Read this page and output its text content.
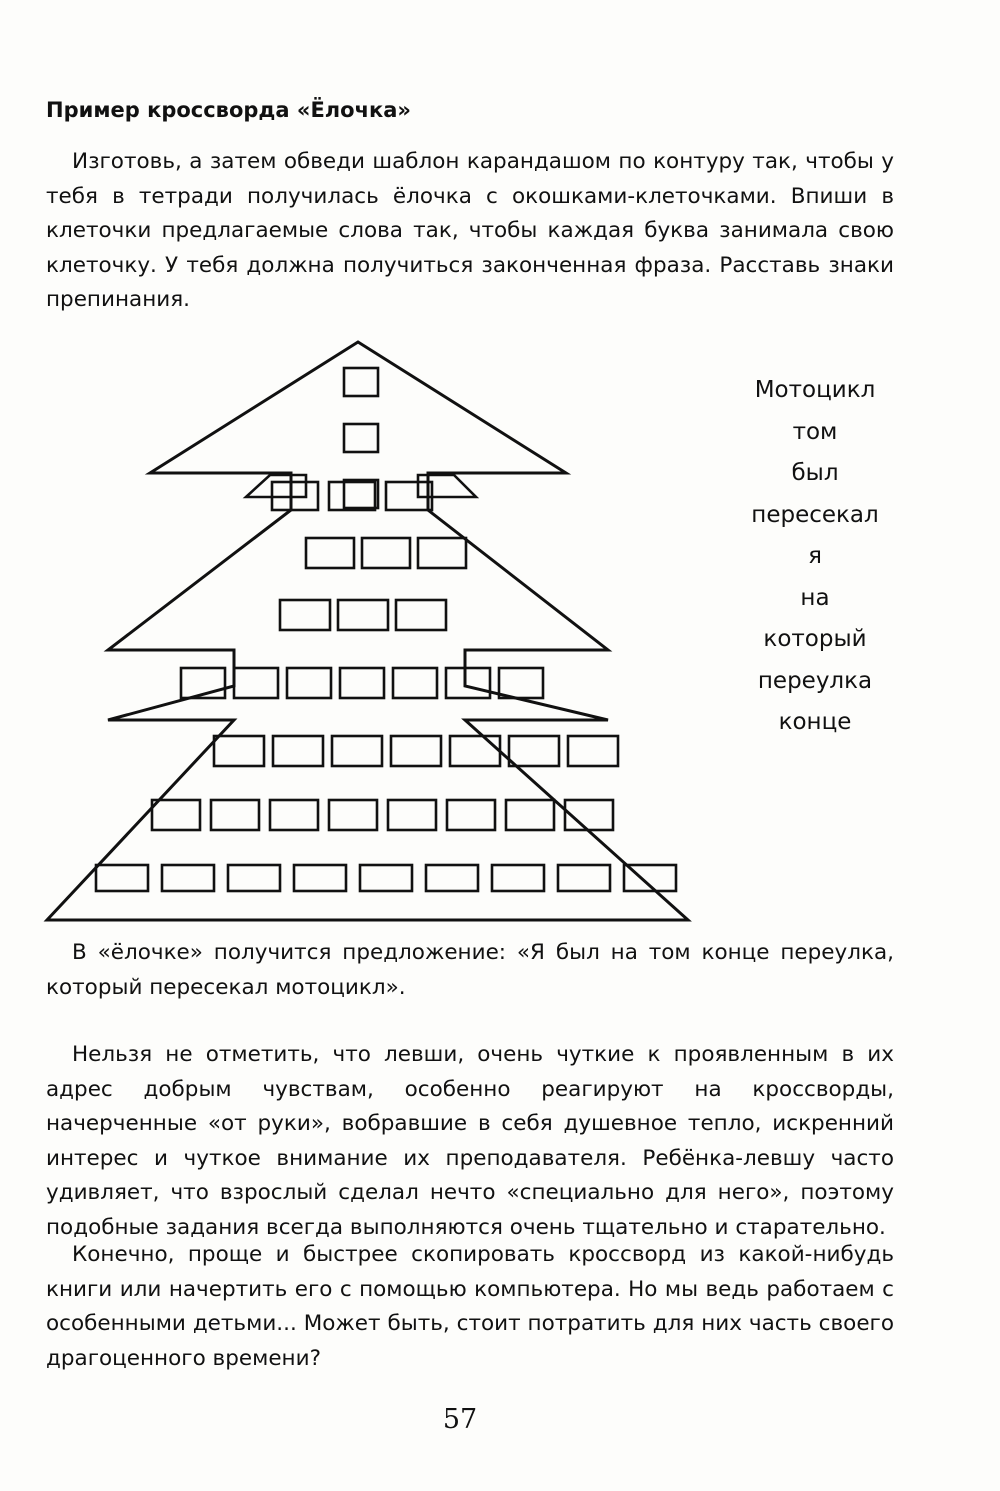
Пример кроссворда «Ёлочка»

Изготовь, а затем обведи шаблон карандашом по контуру так, чтобы у тебя в тетради получилась ёлочка с окошками-клеточками. Впиши в клеточки предлагаемые слова так, чтобы каждая буква занимала свою клеточку. У тебя должна получиться законченная фраза. Расставь знаки препинания.

Мотоцикл
том
был
пересекал
я
на
который
переулка
конце

В «ёлочке» получится предложение: «Я был на том конце переулка, который пересекал мотоцикл».

Нельзя не отметить, что левши, очень чуткие к проявленным в их адрес добрым чувствам, особенно реагируют на кроссворды, начерченные «от руки», вобравшие в себя душевное тепло, искренний интерес и чуткое внимание их преподавателя. Ребёнка-левшу часто удивляет, что взрослый сделал нечто «специально для него», поэтому подобные задания всегда выполняются очень тщательно и старательно.

Конечно, проще и быстрее скопировать кроссворд из какой-нибудь книги или начертить его с помощью компьютера. Но мы ведь работаем с особенными детьми... Может быть, стоит потратить для них часть своего драгоценного времени?

57
